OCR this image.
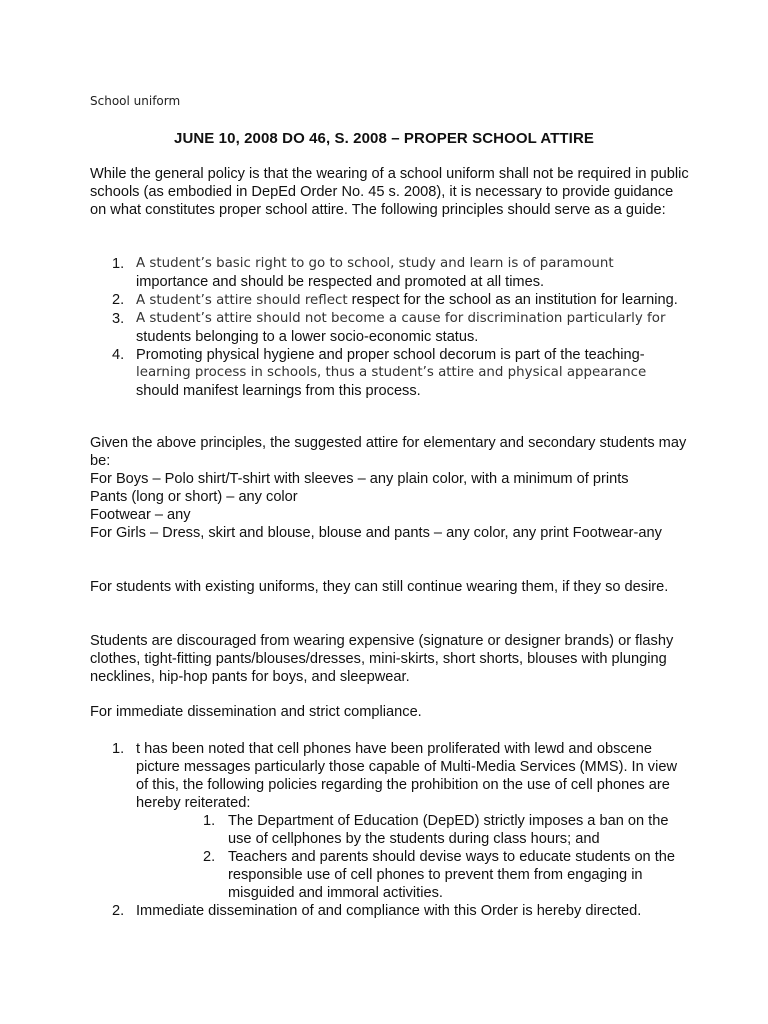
School uniform
JUNE 10, 2008 DO 46, S. 2008 – PROPER SCHOOL ATTIRE

While the general policy is that the wearing of a school uniform shall not be required in public schools (as embodied in DepEd Order No. 45 s. 2008), it is necessary to provide guidance on what constitutes proper school attire. The following principles should serve as a guide:

1. A student’s basic right to go to school, study and learn is of paramount
importance and should be respected and promoted at all times.
2. A student’s attire should reflect respect for the school as an institution for learning.
3. A student’s attire should not become a cause for discrimination particularly for
students belonging to a lower socio-economic status.
4. Promoting physical hygiene and proper school decorum is part of the teaching-
learning process in schools, thus a student’s attire and physical appearance
should manifest learnings from this process.

Given the above principles, the suggested attire for elementary and secondary students may be:

For Boys – Polo shirt/T-shirt with sleeves – any plain color, with a minimum of prints

Pants (long or short) – any color

Footwear – any

For Girls – Dress, skirt and blouse, blouse and pants – any color, any print Footwear-any

For students with existing uniforms, they can still continue wearing them, if they so desire.

Students are discouraged from wearing expensive (signature or designer brands) or flashy clothes, tight-fitting pants/blouses/dresses, mini-skirts, short shorts, blouses with plunging necklines, hip-hop pants for boys, and sleepwear.

For immediate dissemination and strict compliance.

1. t has been noted that cell phones have been proliferated with lewd and obscene picture messages particularly those capable of Multi-Media Services (MMS). In view of this, the following policies regarding the prohibition on the use of cell phones are hereby reiterated:
1. The Department of Education (DepED) strictly imposes a ban on the use of cellphones by the students during class hours; and
2. Teachers and parents should devise ways to educate students on the responsible use of cell phones to prevent them from engaging in misguided and immoral activities.
2. Immediate dissemination of and compliance with this Order is hereby directed.
